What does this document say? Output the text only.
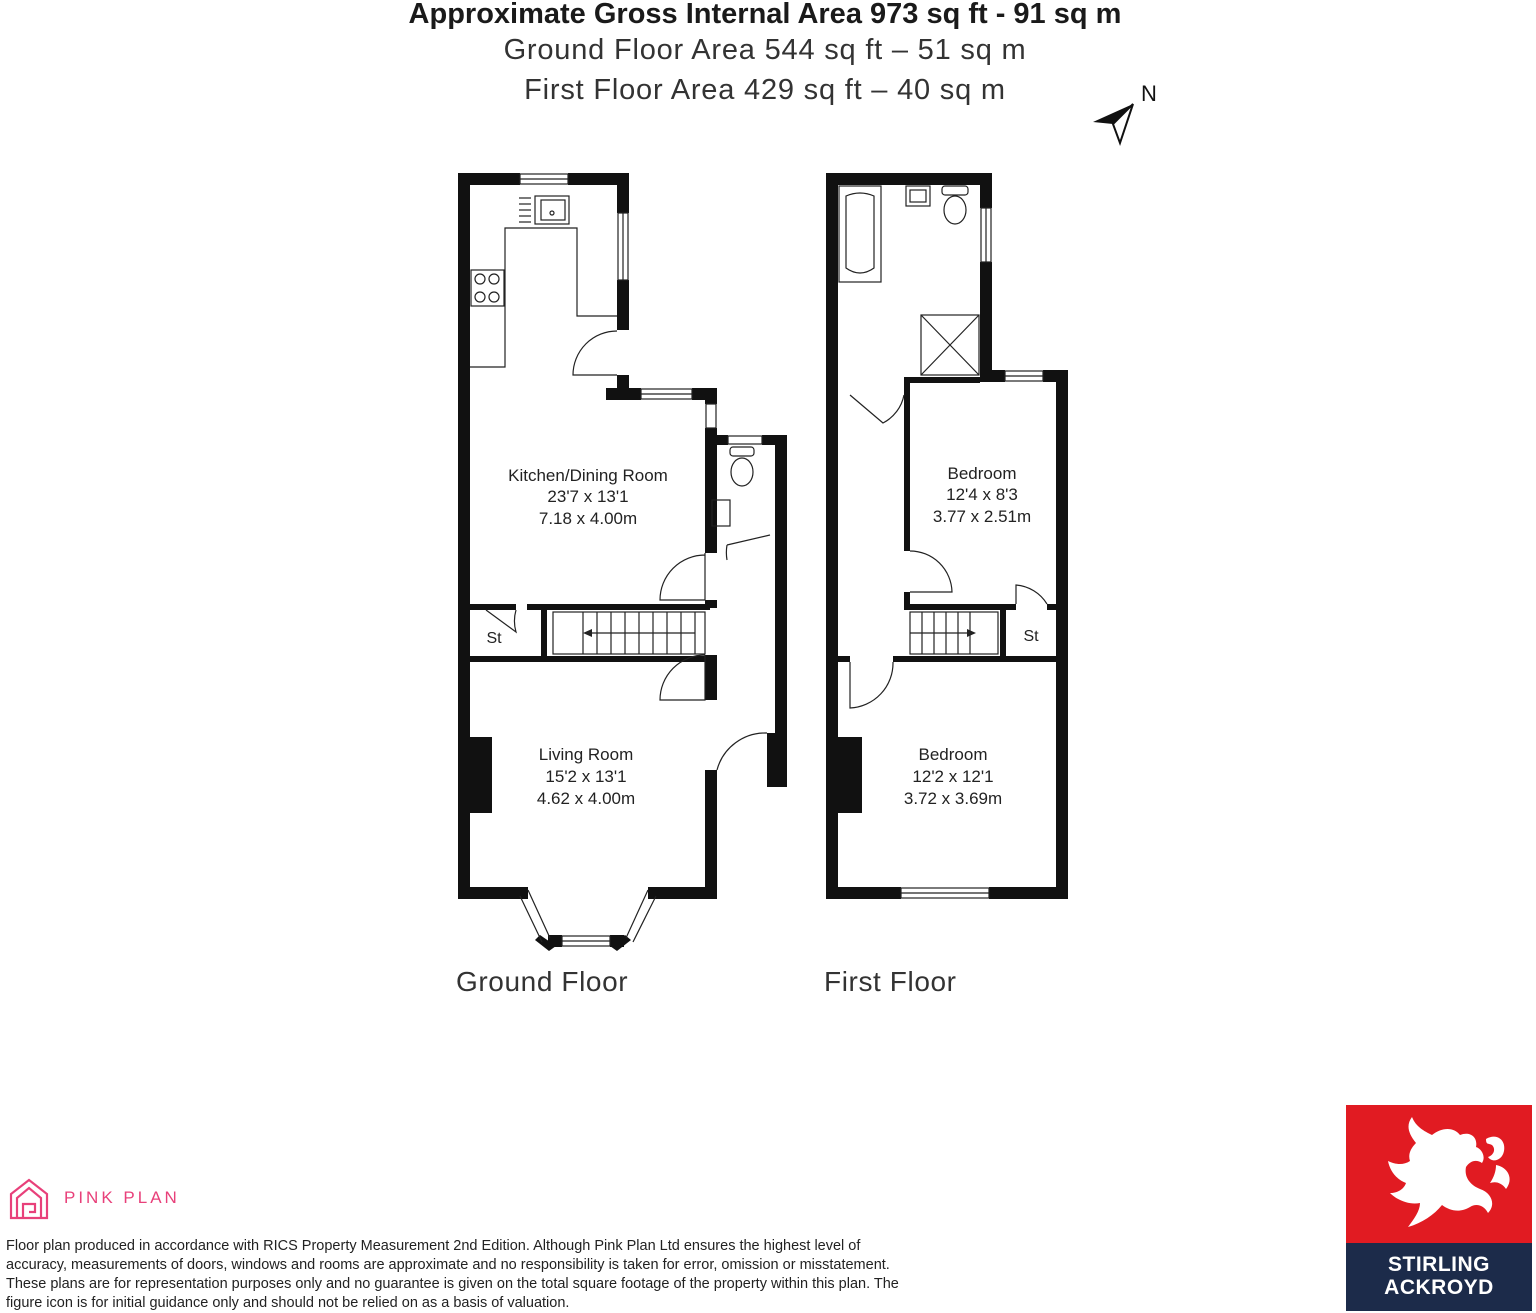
Approximate Gross Internal Area 973 sq ft - 91 sq m
Ground Floor Area 544 sq ft – 51 sq m
First Floor Area 429 sq ft – 40 sq m	N
Kitchen/Dining Room
23'7 x 13'1
7.18 x 4.00m
St
Living Room
15'2 x 13'1
4.62 x 4.00m
Bedroom
12'4 x 8'3
3.77 x 2.51m
St
Bedroom
12'2 x 12'1
3.72 x 3.69m
Ground Floor	First Floor
PINK PLAN
Floor plan produced in accordance with RICS Property Measurement 2nd Edition. Although Pink Plan Ltd ensures the highest level of accuracy, measurements of doors, windows and rooms are approximate and no responsibility is taken for error, omission or misstatement. These plans are for representation purposes only and no guarantee is given on the total square footage of the property within this plan. The figure icon is for initial guidance only and should not be relied on as a basis of valuation.
STIRLING
ACKROYD
